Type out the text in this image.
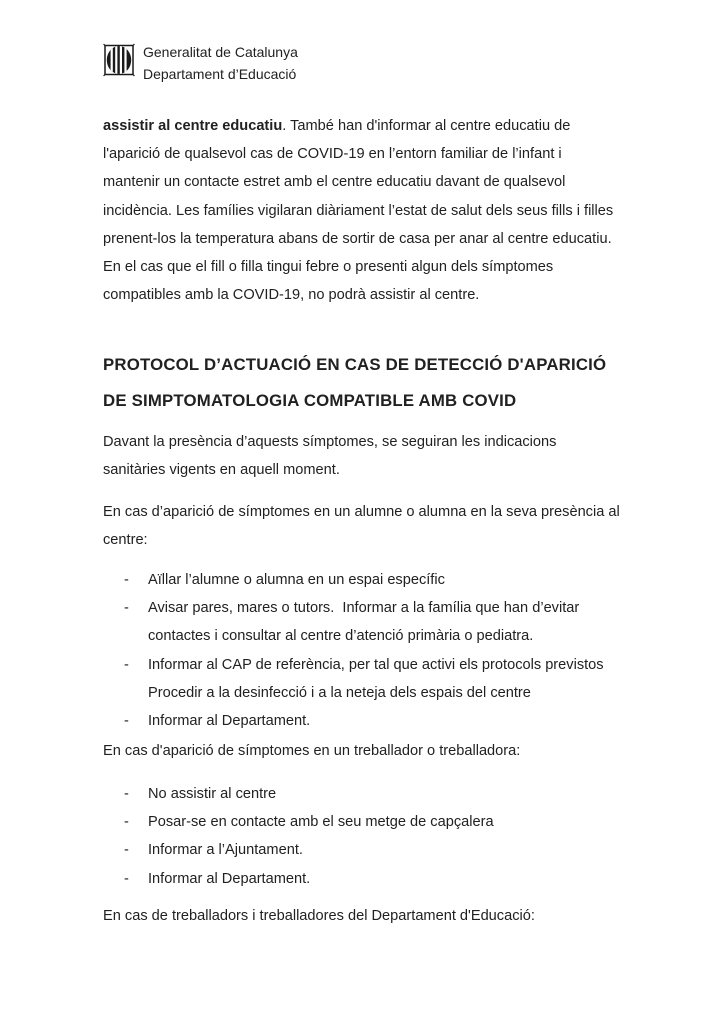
Generalitat de Catalunya
Departament d’Educació
assistir al centre educatiu. També han d'informar al centre educatiu de
l'aparició de qualsevol cas de COVID-19 en l’entorn familiar de l’infant i
mantenir un contacte estret amb el centre educatiu davant de qualsevol
incidència. Les famílies vigilaran diàriament l’estat de salut dels seus fills i filles
prenent-los la temperatura abans de sortir de casa per anar al centre educatiu.
En el cas que el fill o filla tingui febre o presenti algun dels símptomes
compatibles amb la COVID-19, no podrà assistir al centre.
PROTOCOL D’ACTUACIÓ EN CAS DE DETECCIÓ D'APARICIÓ
DE SIMPTOMATOLOGIA COMPATIBLE AMB COVID
Davant la presència d’aquests símptomes, se seguiran les indicacions
sanitàries vigents en aquell moment.
En cas d’aparició de símptomes en un alumne o alumna en la seva presència al
centre:
- Aïllar l’alumne o alumna en un espai específic
- Avisar pares, mares o tutors.  Informar a la família que han d’evitar
contactes i consultar al centre d’atenció primària o pediatra.
- Informar al CAP de referència, per tal que activi els protocols previstos
Procedir a la desinfecció i a la neteja dels espais del centre
- Informar al Departament.
En cas d'aparició de símptomes en un treballador o treballadora:
- No assistir al centre
- Posar-se en contacte amb el seu metge de capçalera
- Informar a l’Ajuntament.
- Informar al Departament.
En cas de treballadors i treballadores del Departament d'Educació:
